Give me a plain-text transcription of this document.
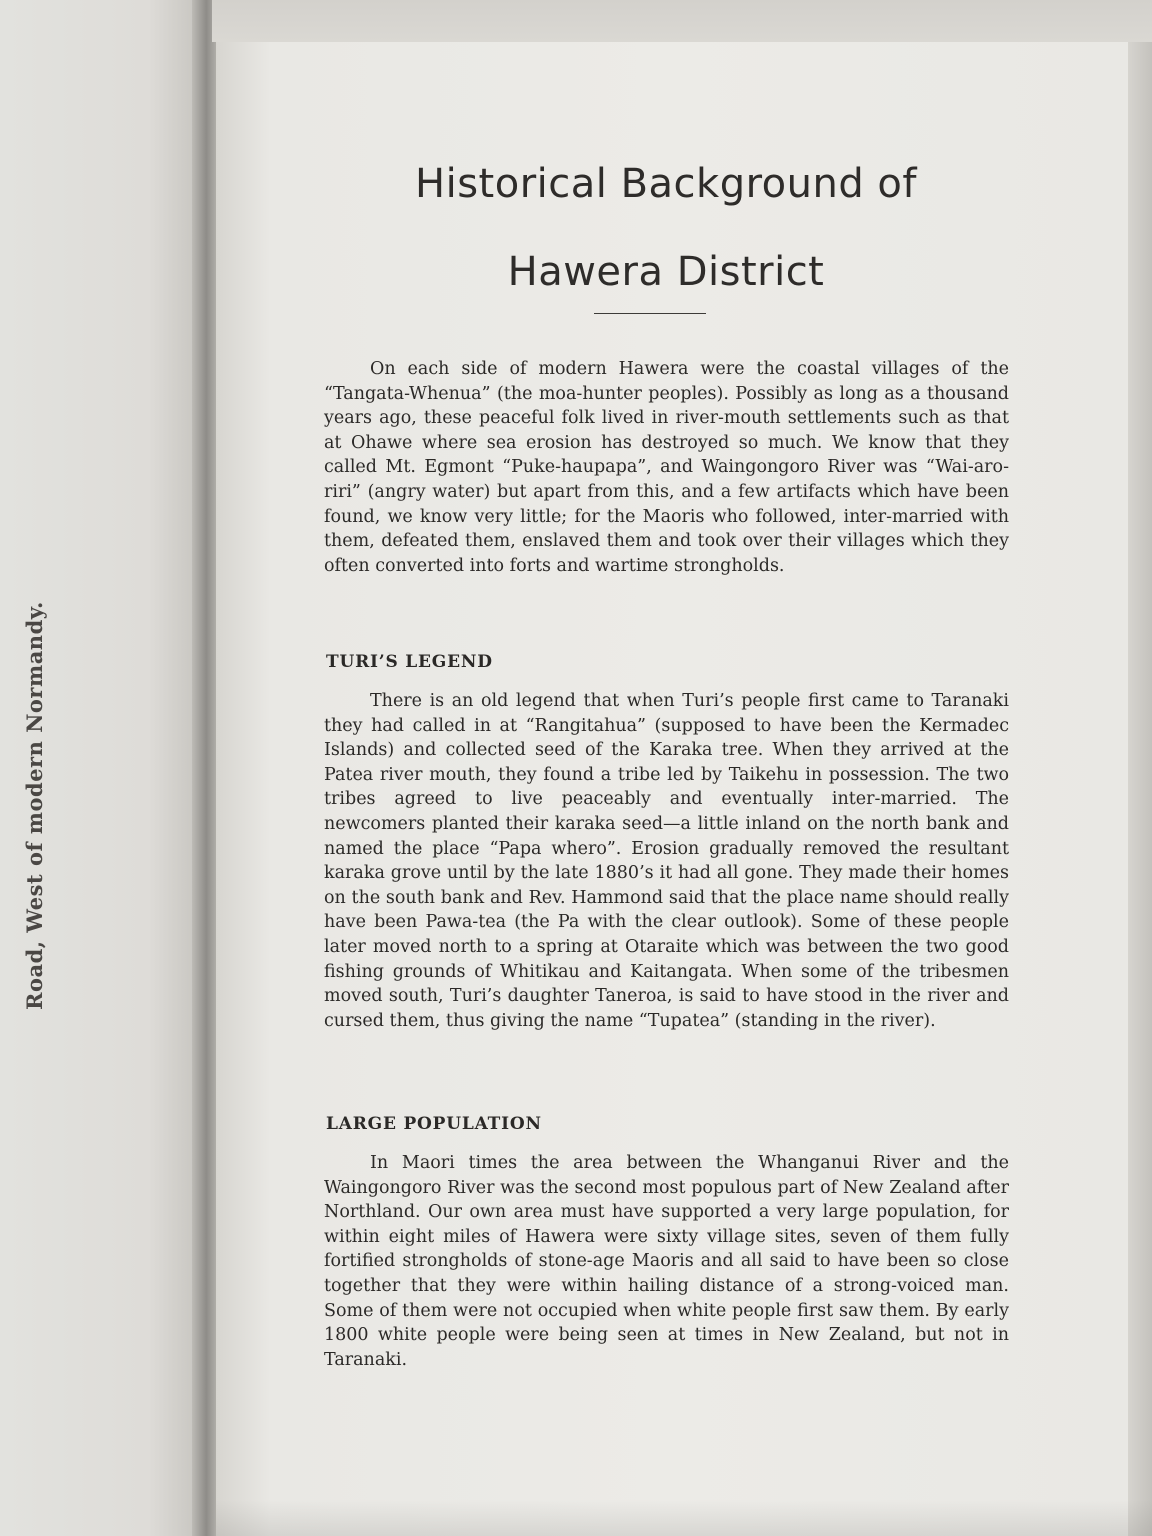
Road, West of modern Normandy.
Historical Background of
Hawera District

On each side of modern Hawera were the coastal villages of the “Tangata-Whenua” (the moa-hunter peoples). Possibly as long as a thousand years ago, these peaceful folk lived in river-mouth settlements such as that at Ohawe where sea erosion has destroyed so much. We know that they called Mt. Egmont “Puke-haupapa”, and Waingongoro River was “Wai-aro-riri” (angry water) but apart from this, and a few artifacts which have been found, we know very little; for the Maoris who followed, inter-married with them, defeated them, enslaved them and took over their villages which they often converted into forts and wartime strongholds.

TURI’S LEGEND

There is an old legend that when Turi’s people first came to Taranaki they had called in at “Rangitahua” (supposed to have been the Kermadec Islands) and collected seed of the Karaka tree. When they arrived at the Patea river mouth, they found a tribe led by Taikehu in possession. The two tribes agreed to live peaceably and eventually inter-married. The newcomers planted their karaka seed—a little inland on the north bank and named the place “Papa whero”. Erosion gradually removed the resultant karaka grove until by the late 1880’s it had all gone. They made their homes on the south bank and Rev. Hammond said that the place name should really have been Pawa-tea (the Pa with the clear outlook). Some of these people later moved north to a spring at Otaraite which was between the two good fishing grounds of Whitikau and Kaitangata. When some of the tribesmen moved south, Turi’s daughter Taneroa, is said to have stood in the river and cursed them, thus giving the name “Tupatea” (standing in the river).

LARGE POPULATION

In Maori times the area between the Whanganui River and the Waingongoro River was the second most populous part of New Zealand after Northland. Our own area must have supported a very large population, for within eight miles of Hawera were sixty village sites, seven of them fully fortified strongholds of stone-age Maoris and all said to have been so close together that they were within hailing distance of a strong-voiced man. Some of them were not occupied when white people first saw them. By early 1800 white people were being seen at times in New Zealand, but not in Taranaki.
